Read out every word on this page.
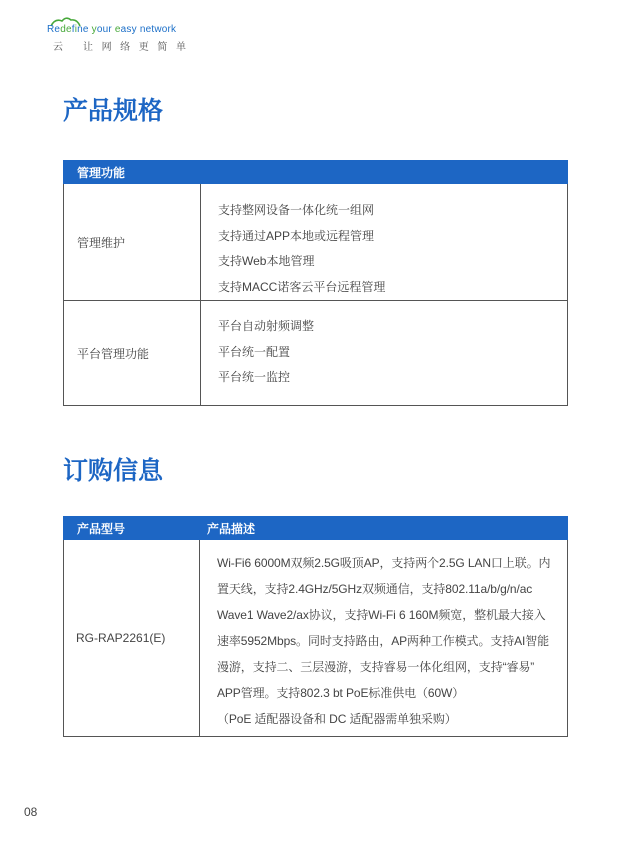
Redefine your easy network
云 让网络更简单
产品规格
管理功能
管理维护
支持整网设备一体化统一组网
支持通过APP本地或远程管理
支持Web本地管理
支持MACC诺客云平台远程管理
平台管理功能
平台自动射频调整
平台统一配置
平台统一监控
订购信息
产品型号	产品描述
RG-RAP2261(E)
Wi-Fi6 6000M双频2.5G吸顶AP，支持两个2.5G LAN口上联。内
置天线，支持2.4GHz/5GHz双频通信，支持802.11a/b/g/n/ac
Wave1 Wave2/ax协议，支持Wi-Fi 6 160M频宽，整机最大接入
速率5952Mbps。同时支持路由，AP两种工作模式。支持AI智能
漫游，支持二、三层漫游，支持睿易一体化组网，支持“睿易”
APP管理。支持802.3 bt PoE标准供电（60W）
（PoE 适配器设备和 DC 适配器需单独采购）
08
